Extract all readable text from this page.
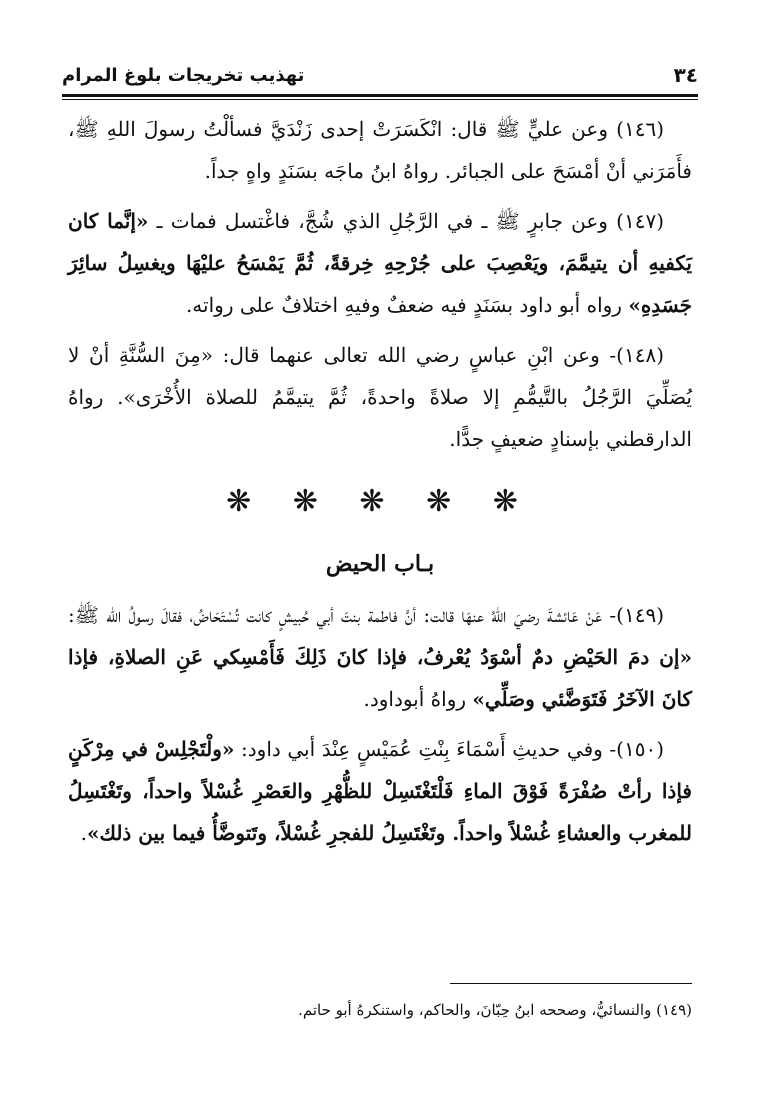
تهذيب تخريجات بلوغ المرام	٣٤

(١٤٦) وعن عليٍّ ﷺ قال: انْكَسَرَتْ إحدى زَنْدَيَّ فسألْتُ رسولَ اللهِ ﷺ، فأَمَرَني أنْ أمْسَحَ على الجبائر. رواهُ ابنُ ماجَه بسَنَدٍ واهٍ جداً.

(١٤٧) وعن جابرٍ ﷺ ـ في الرَّجُلِ الذي شُجَّ، فاغْتسل فمات ـ «إنَّما كان يَكفيهِ أن يتيمَّمَ، ويَعْصِبَ على جُرْحِهِ خِرقةً، ثُمَّ يَمْسَحُ عليْهَا ويغسِلُ سائِرَ جَسَدِهِ» رواه أبو داود بسَنَدٍ فيه ضعفٌ وفيهِ اختلافٌ على رواته.

(١٤٨)- وعن ابْنِ عباسٍ رضي الله تعالى عنهما قال: «مِنَ السُّنَّةِ أنْ لا يُصَلِّيَ الرَّجُلُ بالتَّيمُّمِ إلا صلاةً واحدةً، ثُمَّ يتيمَّمُ للصلاة الأُخْرَى». رواهُ الدارقطني بإسنادٍ ضعيفٍ جدًّا.

❋ ❋ ❋ ❋ ❋
بـاب الحيض

(١٤٩)- عَنْ عَائشةَ رضيَ اللهُ عنهَا قالت: أنَّ فاطمة بنتَ أبي حُبيشٍ كانت تُسْتَحَاضُ، فقالَ رسولُ الله ﷺ: «إن دمَ الحَيْضِ دمٌ أسْوَدُ يُعْرفُ، فإذا كانَ ذَلِكَ فَأَمْسِكي عَنِ الصلاةِ، فإذا كانَ الآخَرُ فَتَوَضَّئي وصَلِّي» رواهُ أبوداود.

(١٥٠)- وفي حديثِ أَسْمَاءَ بِنْتِ عُمَيْسٍ عِنْدَ أبي داود: «ولْتَجْلِسْ في مِرْكَنٍ فإذا رأتْ صُفْرَةً فَوْقَ الماءِ فَلْتَغْتَسِلْ للظُّهْرِ والعَصْرِ غُسْلاً واحداً، وتَغْتَسِلُ للمغرب والعشاءِ غُسْلاً واحداً. وتَغْتَسِلُ للفجرِ غُسْلاً، وتَتوضَّأُ فيما بين ذلك».

(١٤٩) والنسائيُّ، وصححه ابنُ حِبّانَ، والحاكم، واستنكرهُ أبو حاتم.
